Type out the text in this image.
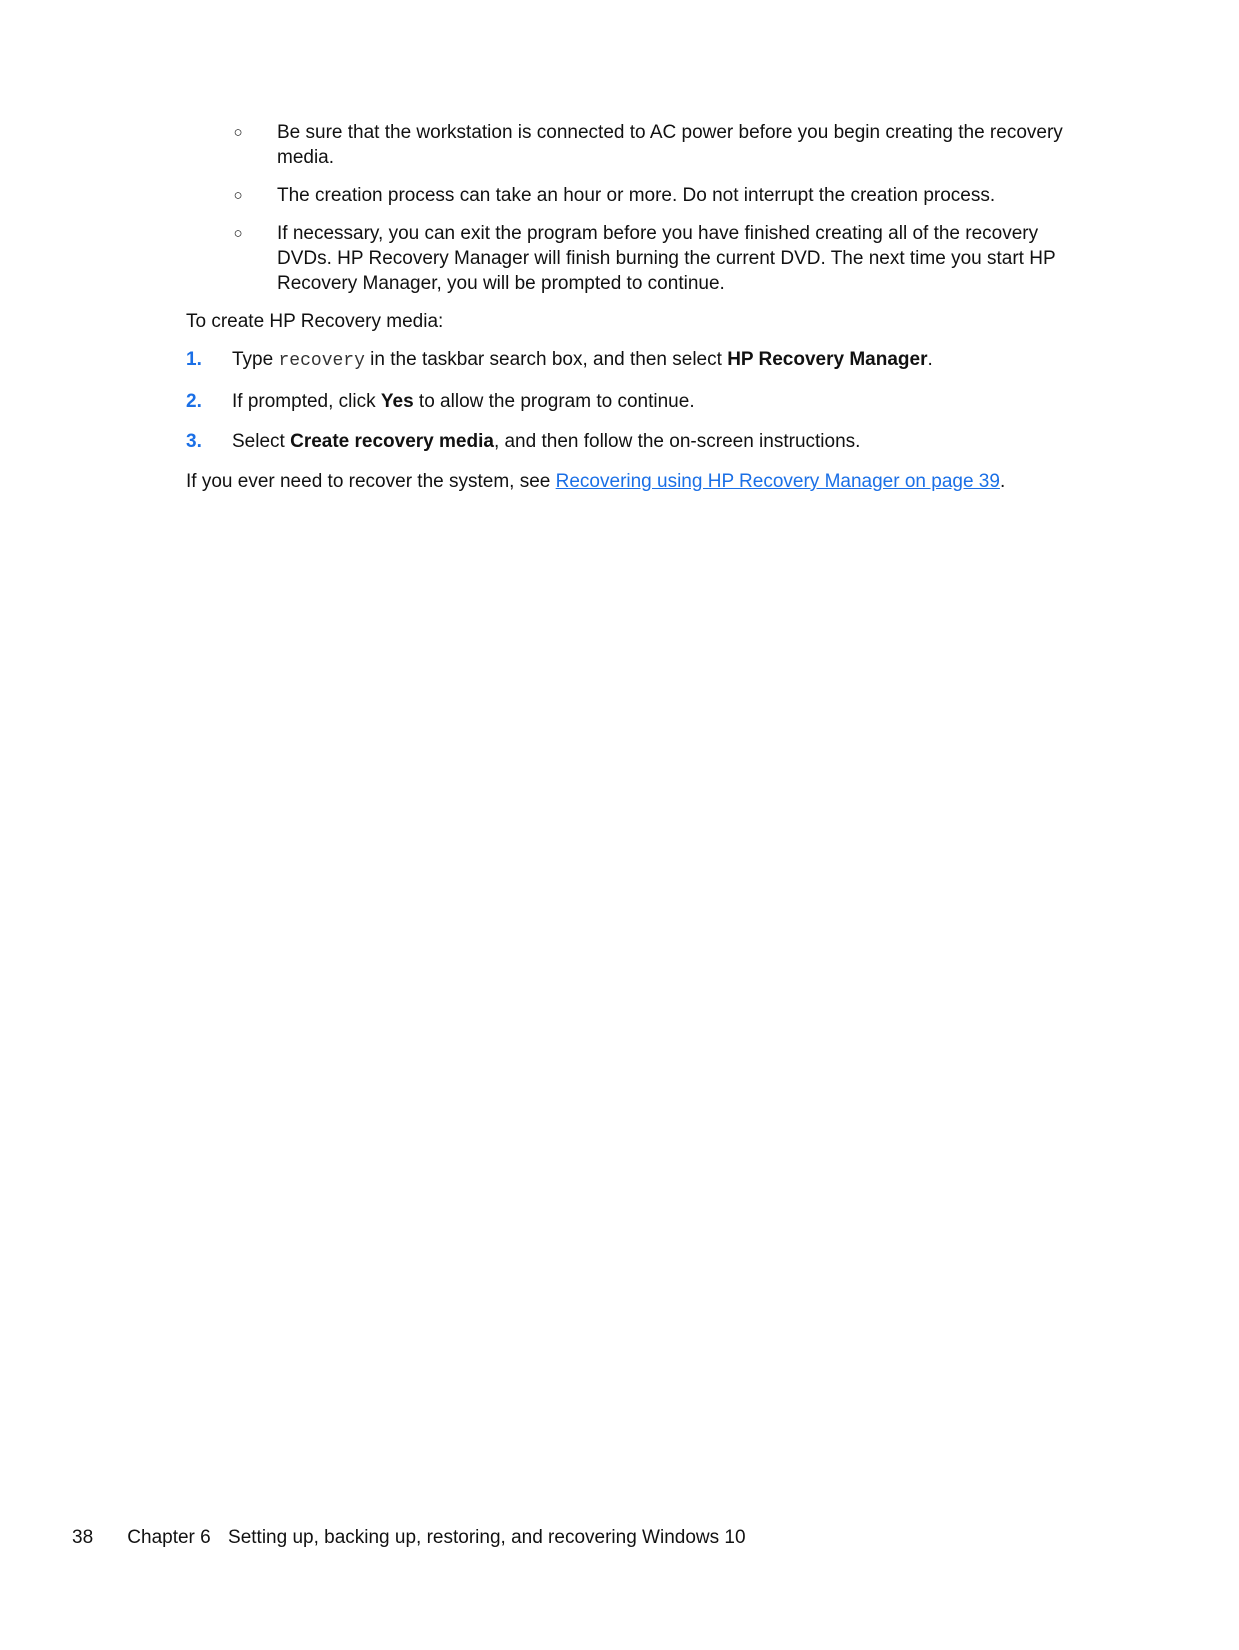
○ Be sure that the workstation is connected to AC power before you begin creating the recovery media.
○ The creation process can take an hour or more. Do not interrupt the creation process.
○ If necessary, you can exit the program before you have finished creating all of the recovery DVDs. HP Recovery Manager will finish burning the current DVD. The next time you start HP Recovery Manager, you will be prompted to continue.

To create HP Recovery media:

1. Type recovery in the taskbar search box, and then select HP Recovery Manager.
2. If prompted, click Yes to allow the program to continue.
3. Select Create recovery media, and then follow the on-screen instructions.

If you ever need to recover the system, see Recovering using HP Recovery Manager on page 39.

38 Chapter 6 Setting up, backing up, restoring, and recovering Windows 10
